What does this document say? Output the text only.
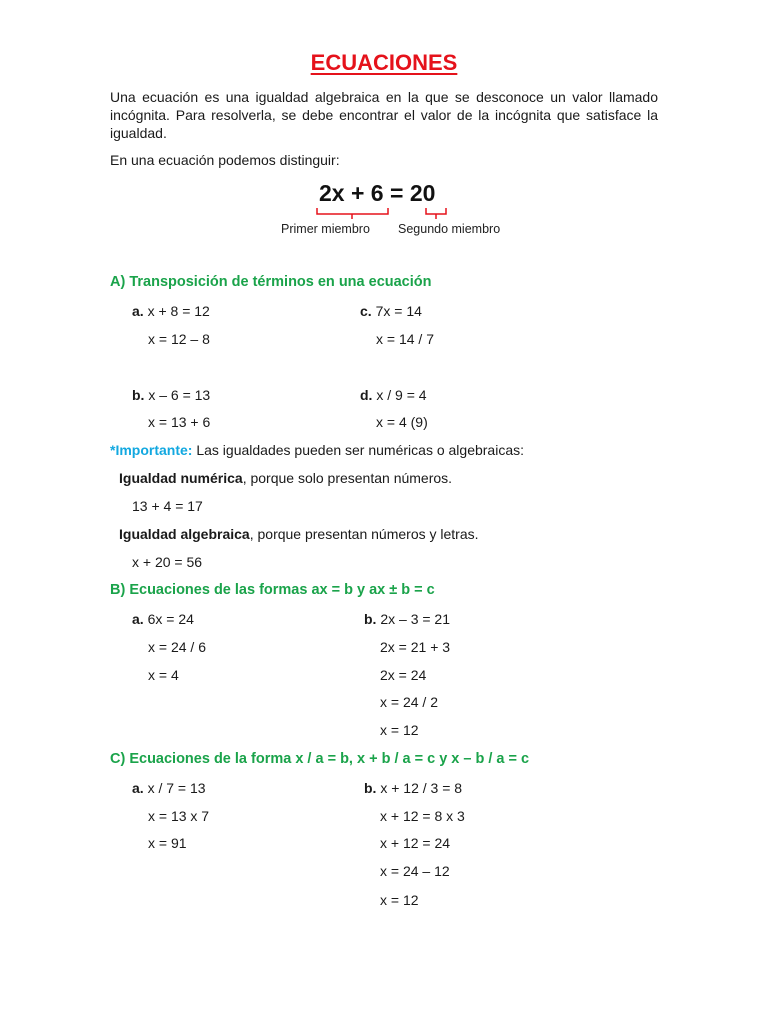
ECUACIONES
Una ecuación es una igualdad algebraica en la que se desconoce un valor llamado incógnita. Para resolverla, se debe encontrar el valor de la incógnita que satisface la igualdad.
En una ecuación podemos distinguir:
2x + 6 = 20
Primer miembro Segundo miembro
A) Transposición de términos en una ecuación
a. x + 8 = 12
x = 12 – 8
c. 7x = 14
x = 14 / 7
b. x – 6 = 13
x = 13 + 6
d. x / 9 = 4
x = 4 (9)
*Importante: Las igualdades pueden ser numéricas o algebraicas:
Igualdad numérica, porque solo presentan números.
13 + 4 = 17
Igualdad algebraica, porque presentan números y letras.
x + 20 = 56
B) Ecuaciones de las formas ax = b y ax ± b = c
a. 6x = 24
x = 24 / 6
x = 4
b. 2x – 3 = 21
2x = 21 + 3
2x = 24
x = 24 / 2
x = 12
C) Ecuaciones de la forma x / a = b, x + b / a = c y x – b / a = c
a. x / 7 = 13
x = 13 x 7
x = 91
b. x + 12 / 3 = 8
x + 12 = 8 x 3
x + 12 = 24
x = 24 – 12
x = 12
